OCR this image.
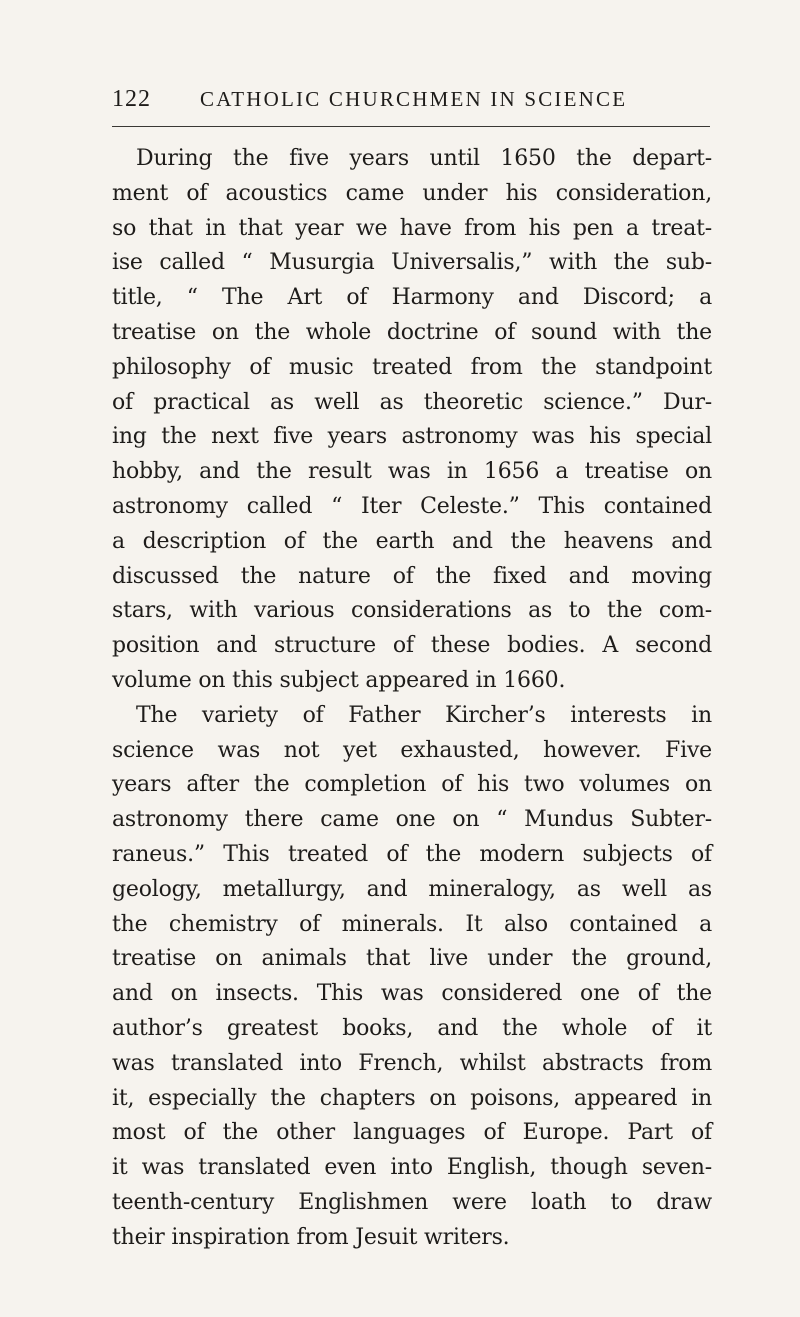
122 CATHOLIC CHURCHMEN IN SCIENCE
During the five years until 1650 the depart-
ment of acoustics came under his consideration,
so that in that year we have from his pen a treat-
ise called “ Musurgia Universalis,” with the sub-
title, “ The Art of Harmony and Discord; a
treatise on the whole doctrine of sound with the
philosophy of music treated from the standpoint
of practical as well as theoretic science.” Dur-
ing the next five years astronomy was his special
hobby, and the result was in 1656 a treatise on
astronomy called “ Iter Celeste.” This contained
a description of the earth and the heavens and
discussed the nature of the fixed and moving
stars, with various considerations as to the com-
position and structure of these bodies. A second
volume on this subject appeared in 1660.
The variety of Father Kircher’s interests in
science was not yet exhausted, however. Five
years after the completion of his two volumes on
astronomy there came one on “ Mundus Subter-
raneus.” This treated of the modern subjects of
geology, metallurgy, and mineralogy, as well as
the chemistry of minerals. It also contained a
treatise on animals that live under the ground,
and on insects. This was considered one of the
author’s greatest books, and the whole of it
was translated into French, whilst abstracts from
it, especially the chapters on poisons, appeared in
most of the other languages of Europe. Part of
it was translated even into English, though seven-
teenth-century Englishmen were loath to draw
their inspiration from Jesuit writers.
